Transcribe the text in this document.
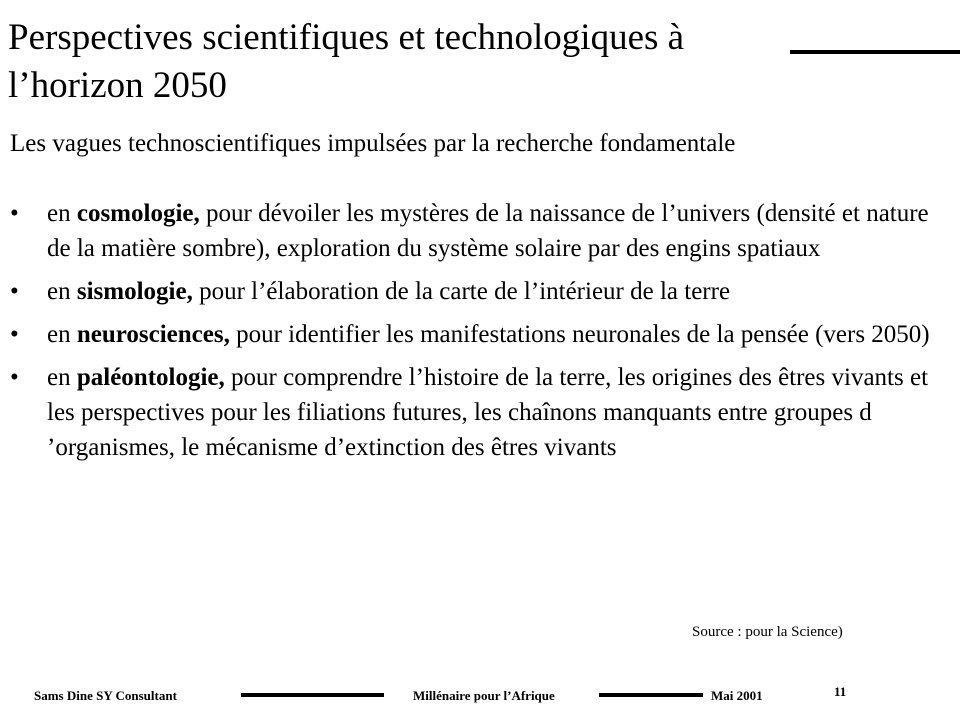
Perspectives scientifiques et technologiques à
l’horizon 2050
Les vagues technoscientifiques impulsées par la recherche fondamentale
• en cosmologie, pour dévoiler les mystères de la naissance de l’univers (densité et nature de la matière sombre), exploration du système solaire par des engins spatiaux
• en sismologie, pour l’élaboration de la carte de l’intérieur de la terre
• en neurosciences, pour identifier les manifestations neuronales de la pensée (vers 2050)
• en paléontologie, pour comprendre l’histoire de la terre, les origines des êtres vivants et les perspectives pour les filiations futures, les chaînons manquants entre groupes d ’organismes, le mécanisme d’extinction des êtres vivants
Source : pour la Science)
Sams Dine SY Consultant	Millénaire pour l’Afrique	Mai 2001	11
